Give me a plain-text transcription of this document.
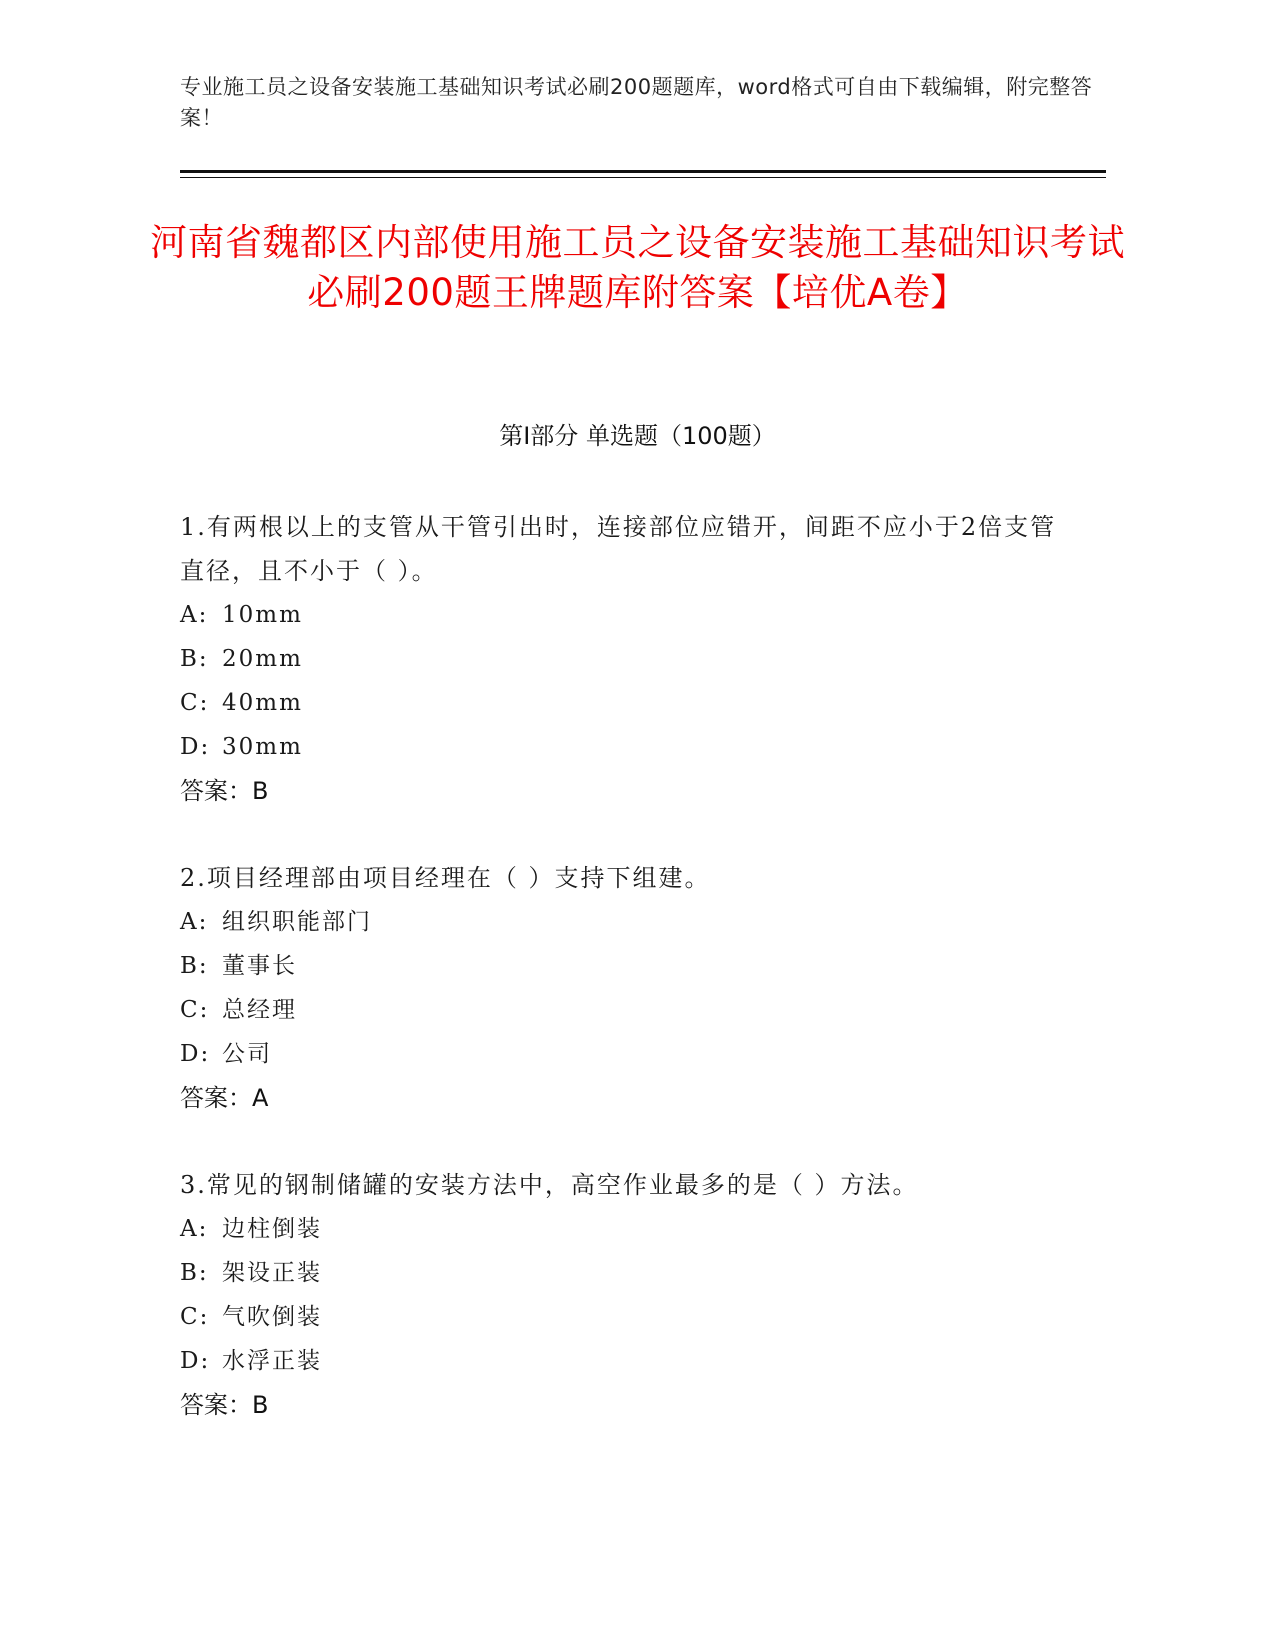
专业施工员之设备安装施工基础知识考试必刷200题题库，word格式可自由下载编辑，附完整答案！
河南省魏都区内部使用施工员之设备安装施工基础知识考试必刷200题王牌题库附答案【培优A卷】
第I部分 单选题（100题）
1.有两根以上的支管从干管引出时，连接部位应错开，间距不应小于2倍支管直径，且不小于（ ）。
A: 10mm
B: 20mm
C: 40mm
D: 30mm
答案：B
2.项目经理部由项目经理在（ ）支持下组建。
A: 组织职能部门
B: 董事长
C: 总经理
D: 公司
答案：A
3.常见的钢制储罐的安装方法中，高空作业最多的是（ ）方法。
A: 边柱倒装
B: 架设正装
C: 气吹倒装
D: 水浮正装
答案：B
